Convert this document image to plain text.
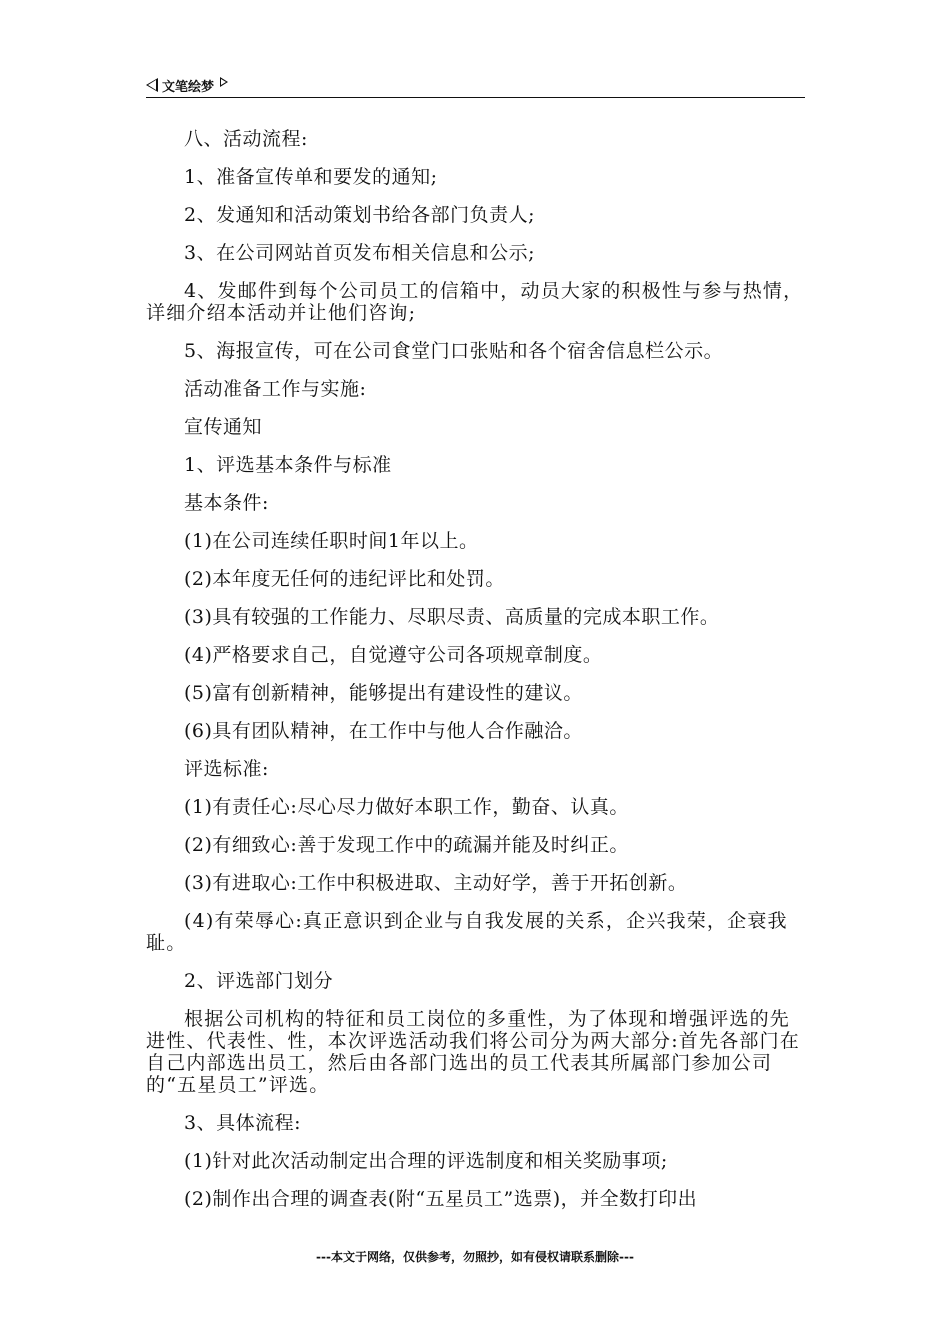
文笔绘梦

八、活动流程:

1、准备宣传单和要发的通知;

2、发通知和活动策划书给各部门负责人;

3、在公司网站首页发布相关信息和公示;

4、发邮件到每个公司员工的信箱中，动员大家的积极性与参与热情，详细介绍本活动并让他们咨询;

5、海报宣传，可在公司食堂门口张贴和各个宿舍信息栏公示。

活动准备工作与实施:

宣传通知

1、评选基本条件与标准

基本条件:

(1)在公司连续任职时间1年以上。

(2)本年度无任何的违纪评比和处罚。

(3)具有较强的工作能力、尽职尽责、高质量的完成本职工作。

(4)严格要求自己，自觉遵守公司各项规章制度。

(5)富有创新精神，能够提出有建设性的建议。

(6)具有团队精神，在工作中与他人合作融洽。

评选标准:

(1)有责任心:尽心尽力做好本职工作，勤奋、认真。

(2)有细致心:善于发现工作中的疏漏并能及时纠正。

(3)有进取心:工作中积极进取、主动好学，善于开拓创新。

(4)有荣辱心:真正意识到企业与自我发展的关系，企兴我荣，企衰我耻。

2、评选部门划分

根据公司机构的特征和员工岗位的多重性，为了体现和增强评选的先进性、代表性、性，本次评选活动我们将公司分为两大部分:首先各部门在自己内部选出员工，然后由各部门选出的员工代表其所属部门参加公司的“五星员工”评选。

3、具体流程:

(1)针对此次活动制定出合理的评选制度和相关奖励事项;

(2)制作出合理的调查表(附“五星员工”选票)，并全数打印出

---本文于网络，仅供参考，勿照抄，如有侵权请联系删除---
